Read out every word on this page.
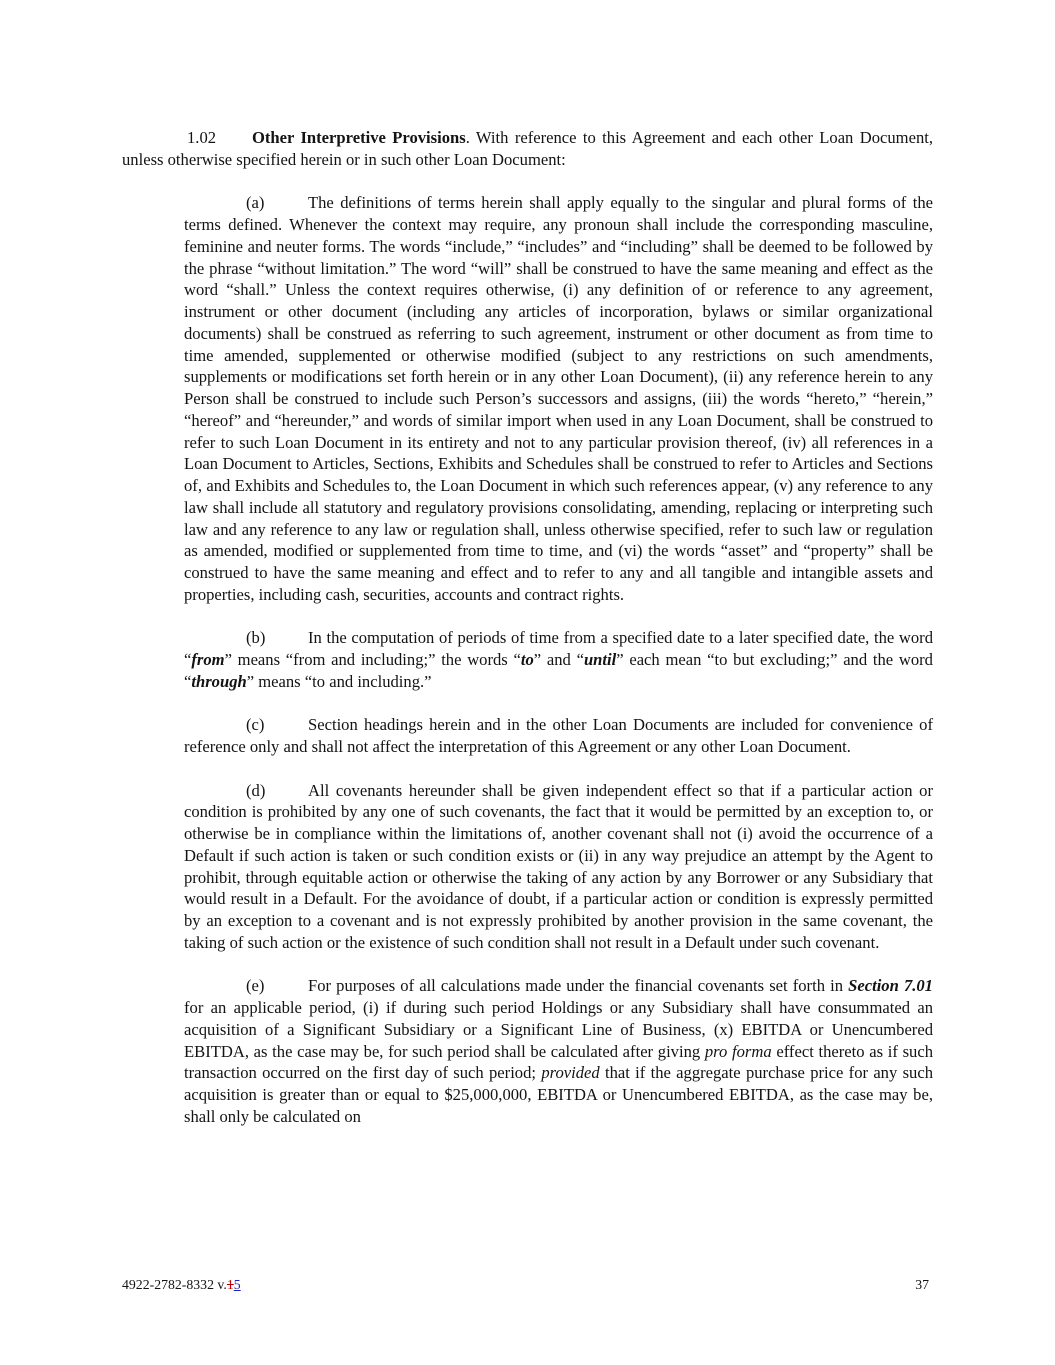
1.02 Other Interpretive Provisions. With reference to this Agreement and each other Loan Document, unless otherwise specified herein or in such other Loan Document:

(a)	The definitions of terms herein shall apply equally to the singular and plural forms of the terms defined. Whenever the context may require, any pronoun shall include the corresponding masculine, feminine and neuter forms. The words “include,” “includes” and “including” shall be deemed to be followed by the phrase “without limitation.” The word “will” shall be construed to have the same meaning and effect as the word “shall.” Unless the context requires otherwise, (i) any definition of or reference to any agreement, instrument or other document (including any articles of incorporation, bylaws or similar organizational documents) shall be construed as referring to such agreement, instrument or other document as from time to time amended, supplemented or otherwise modified (subject to any restrictions on such amendments, supplements or modifications set forth herein or in any other Loan Document), (ii) any reference herein to any Person shall be construed to include such Person’s successors and assigns, (iii) the words “hereto,” “herein,” “hereof” and “hereunder,” and words of similar import when used in any Loan Document, shall be construed to refer to such Loan Document in its entirety and not to any particular provision thereof, (iv) all references in a Loan Document to Articles, Sections, Exhibits and Schedules shall be construed to refer to Articles and Sections of, and Exhibits and Schedules to, the Loan Document in which such references appear, (v) any reference to any law shall include all statutory and regulatory provisions consolidating, amending, replacing or interpreting such law and any reference to any law or regulation shall, unless otherwise specified, refer to such law or regulation as amended, modified or supplemented from time to time, and (vi) the words “asset” and “property” shall be construed to have the same meaning and effect and to refer to any and all tangible and intangible assets and properties, including cash, securities, accounts and contract rights.

(b)	In the computation of periods of time from a specified date to a later specified date, the word “from” means “from and including;” the words “to” and “until” each mean “to but excluding;” and the word “through” means “to and including.”

(c)	Section headings herein and in the other Loan Documents are included for convenience of reference only and shall not affect the interpretation of this Agreement or any other Loan Document.

(d)	All covenants hereunder shall be given independent effect so that if a particular action or condition is prohibited by any one of such covenants, the fact that it would be permitted by an exception to, or otherwise be in compliance within the limitations of, another covenant shall not (i) avoid the occurrence of a Default if such action is taken or such condition exists or (ii) in any way prejudice an attempt by the Agent to prohibit, through equitable action or otherwise the taking of any action by any Borrower or any Subsidiary that would result in a Default. For the avoidance of doubt, if a particular action or condition is expressly permitted by an exception to a covenant and is not expressly prohibited by another provision in the same covenant, the taking of such action or the existence of such condition shall not result in a Default under such covenant.

(e)	For purposes of all calculations made under the financial covenants set forth in Section 7.01 for an applicable period, (i) if during such period Holdings or any Subsidiary shall have consummated an acquisition of a Significant Subsidiary or a Significant Line of Business, (x) EBITDA or Unencumbered EBITDA, as the case may be, for such period shall be calculated after giving pro forma effect thereto as if such transaction occurred on the first day of such period; provided that if the aggregate purchase price for any such acquisition is greater than or equal to $25,000,000, EBITDA or Unencumbered EBITDA, as the case may be, shall only be calculated on

4922-2782-8332 v.15	37
